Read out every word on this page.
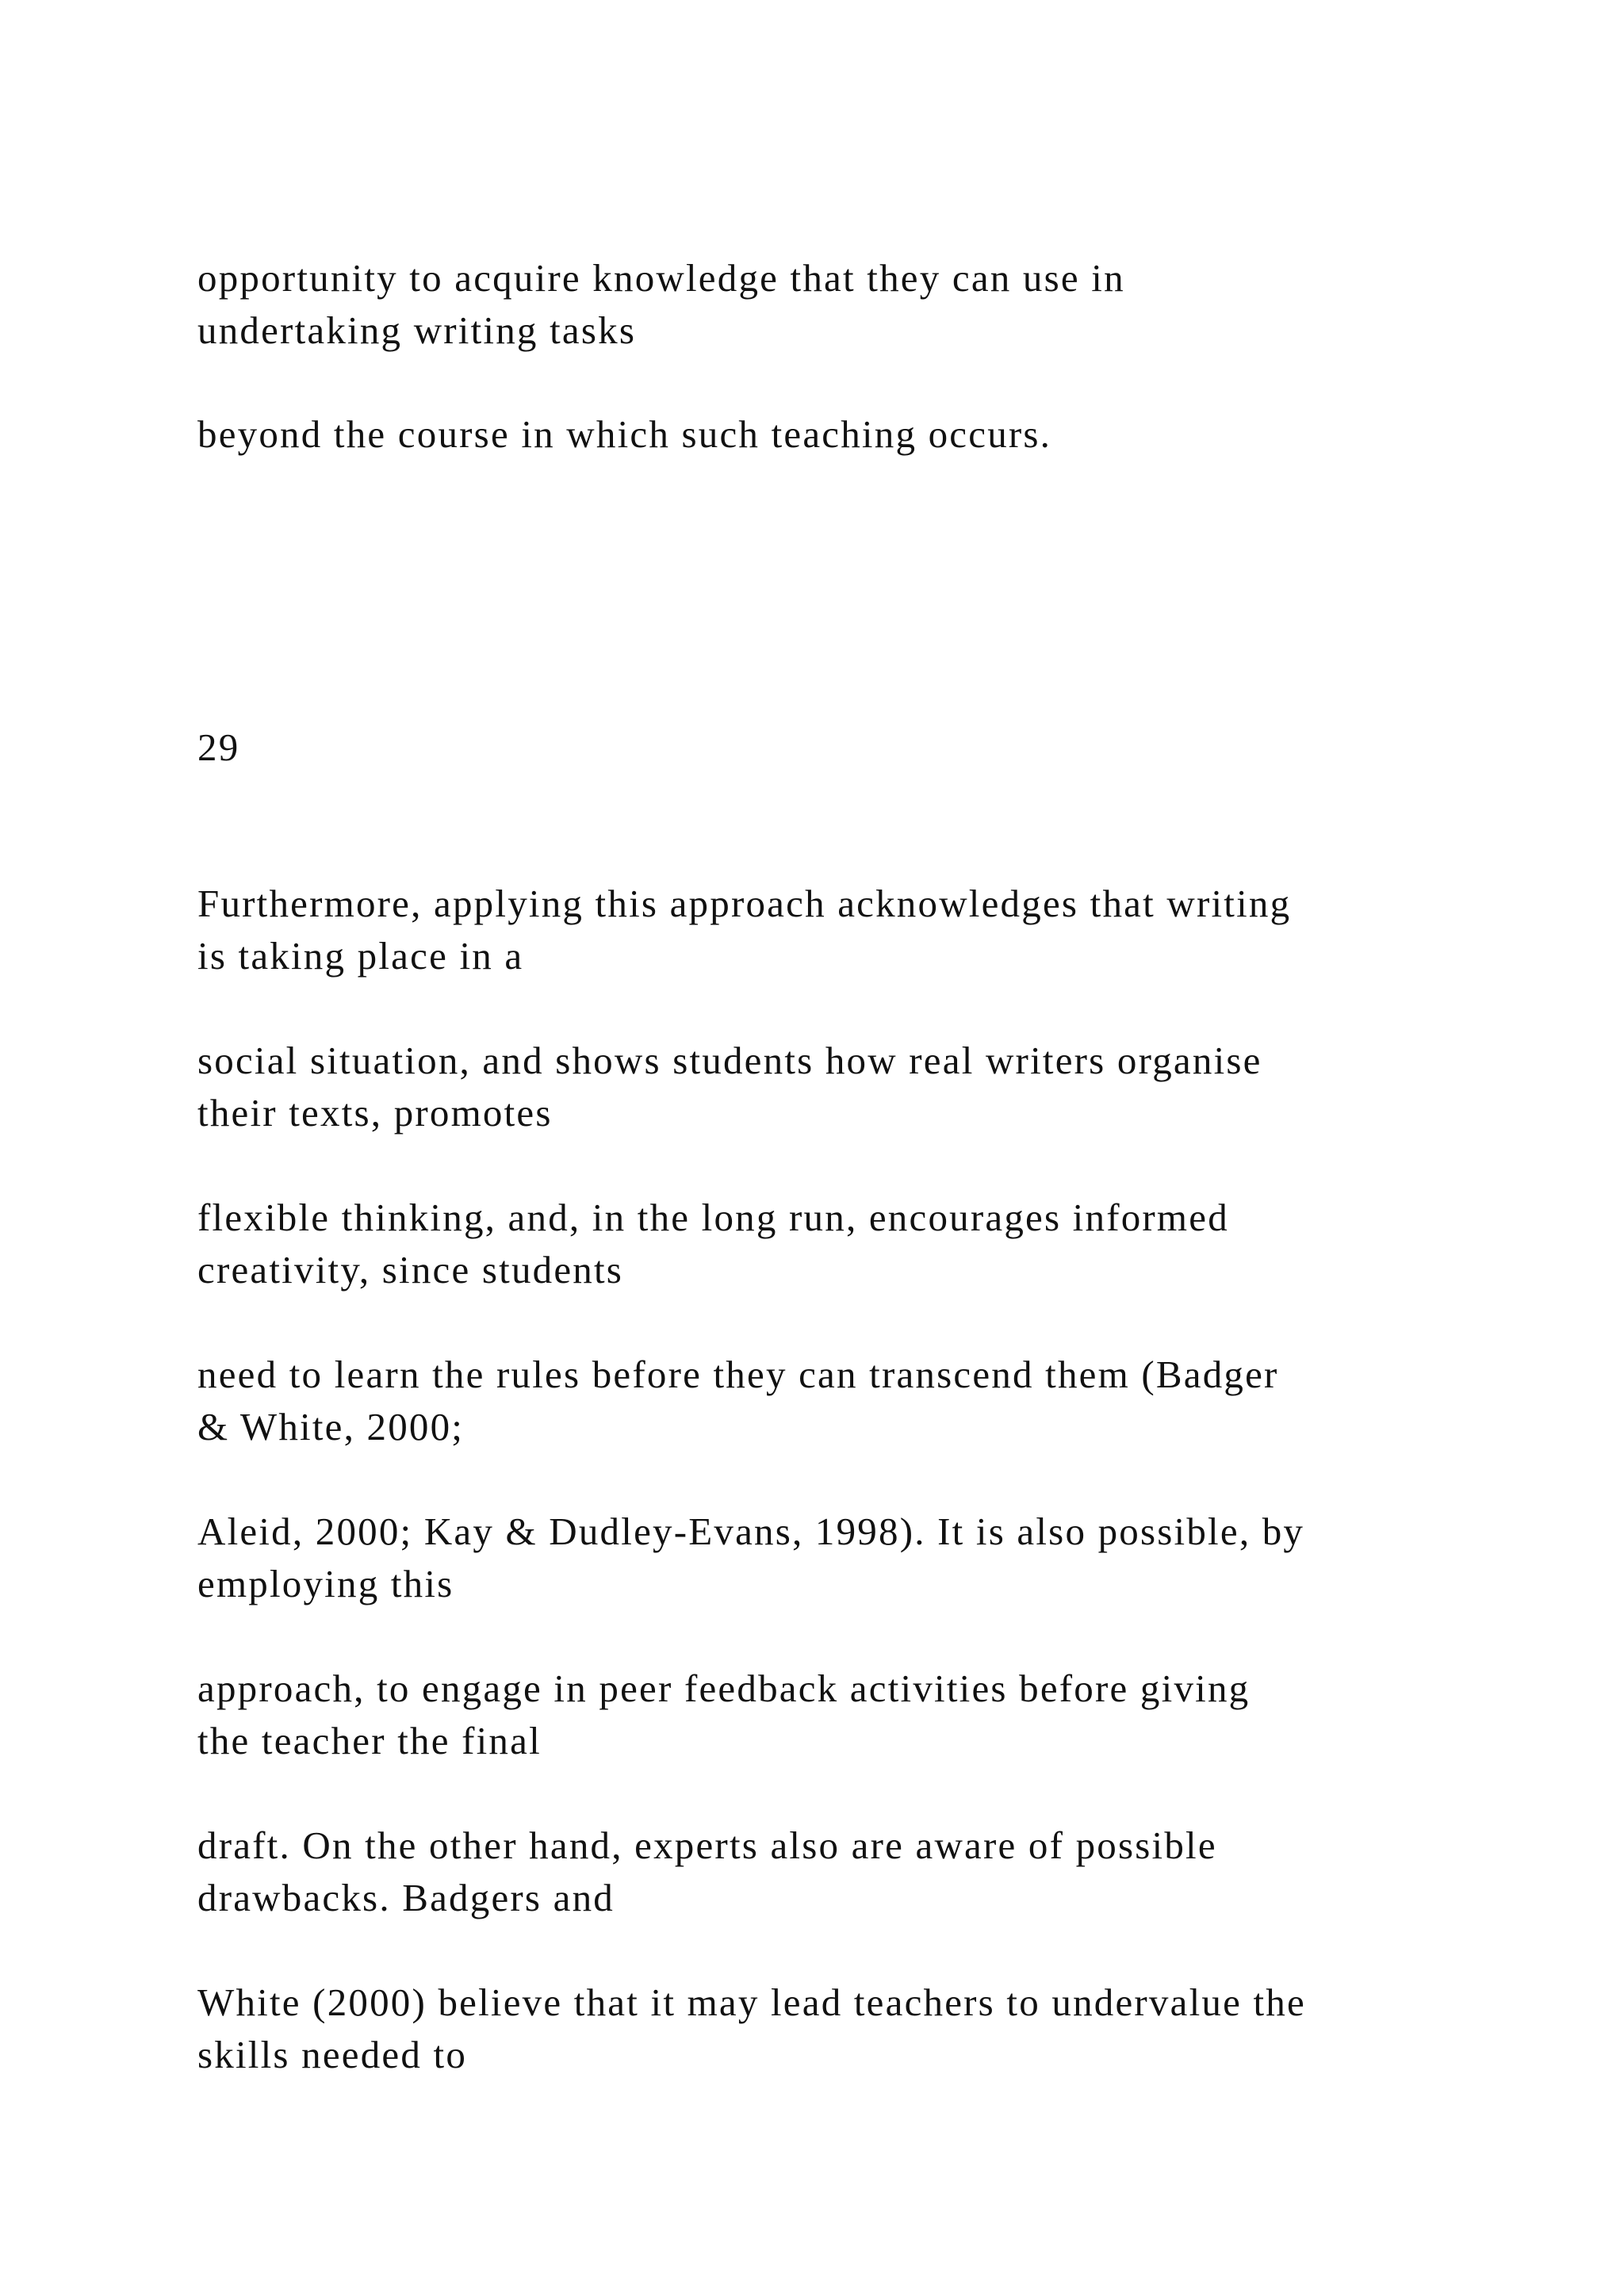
opportunity to acquire knowledge that they can use in

undertaking writing tasks

beyond the course in which such teaching occurs.

29

Furthermore, applying this approach acknowledges that writing

is taking place in a

social situation, and shows students how real writers organise

their texts, promotes

flexible thinking, and, in the long run, encourages informed

creativity, since students

need to learn the rules before they can transcend them (Badger

& White, 2000;

Aleid, 2000; Kay & Dudley-Evans, 1998). It is also possible, by

employing this

approach, to engage in peer feedback activities before giving

the teacher the final

draft. On the other hand, experts also are aware of possible

drawbacks. Badgers and

White (2000) believe that it may lead teachers to undervalue the

skills needed to
